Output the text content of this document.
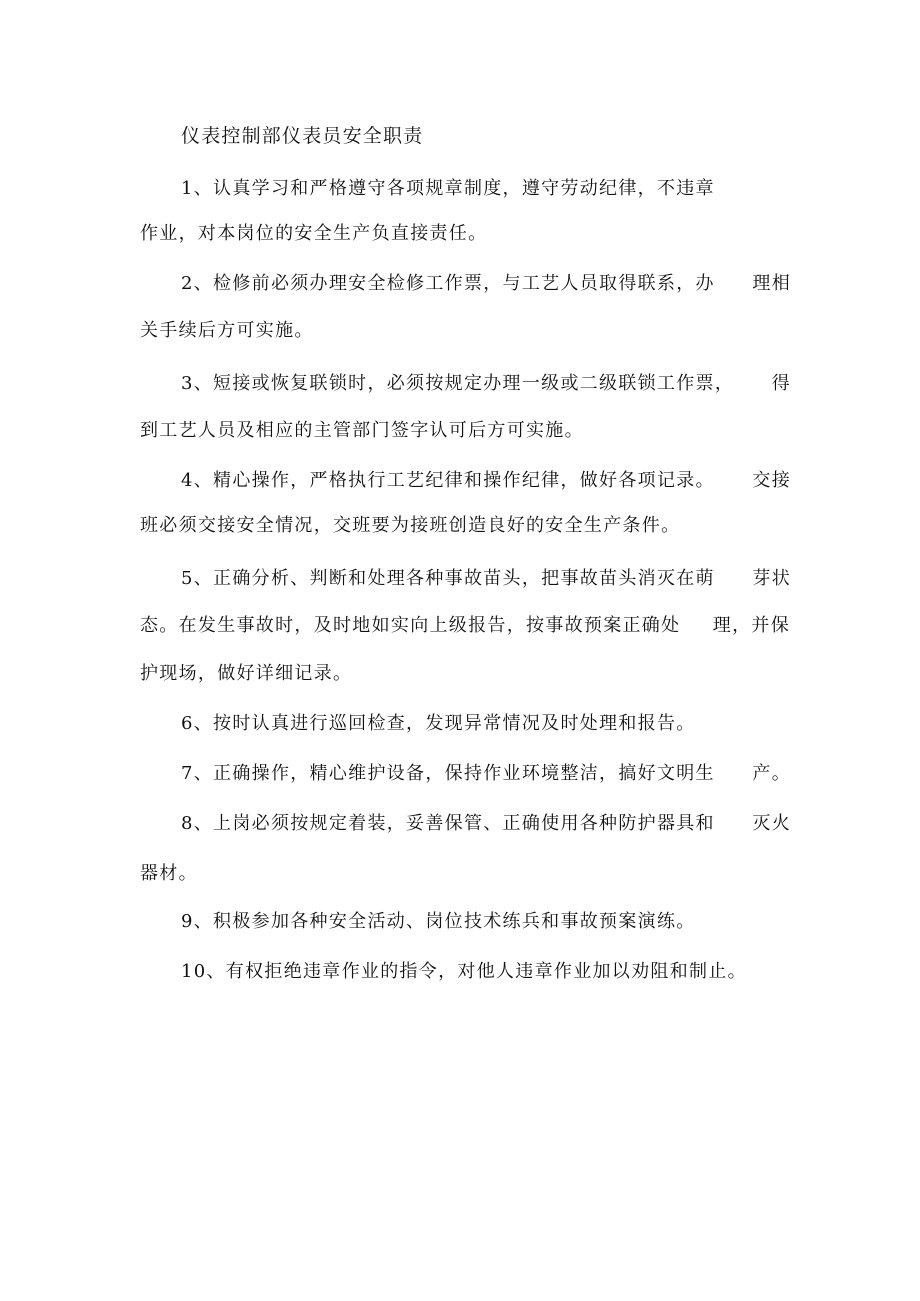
仪表控制部仪表员安全职责
1、认真学习和严格遵守各项规章制度，遵守劳动纪律，不违章
作业，对本岗位的安全生产负直接责任。
2、检修前必须办理安全检修工作票，与工艺人员取得联系，办 理相
关手续后方可实施。
3、短接或恢复联锁时，必须按规定办理一级或二级联锁工作票， 得
到工艺人员及相应的主管部门签字认可后方可实施。
4、精心操作，严格执行工艺纪律和操作纪律，做好各项记录。 交接
班必须交接安全情况，交班要为接班创造良好的安全生产条件。
5、正确分析、判断和处理各种事故苗头，把事故苗头消灭在萌 芽状
态。在发生事故时，及时地如实向上级报告，按事故预案正确处 理，并保
护现场，做好详细记录。
6、按时认真进行巡回检查，发现异常情况及时处理和报告。
7、正确操作，精心维护设备，保持作业环境整洁，搞好文明生 产。
8、上岗必须按规定着装，妥善保管、正确使用各种防护器具和 灭火
器材。
9、积极参加各种安全活动、岗位技术练兵和事故预案演练。
10、有权拒绝违章作业的指令，对他人违章作业加以劝阻和制止。
